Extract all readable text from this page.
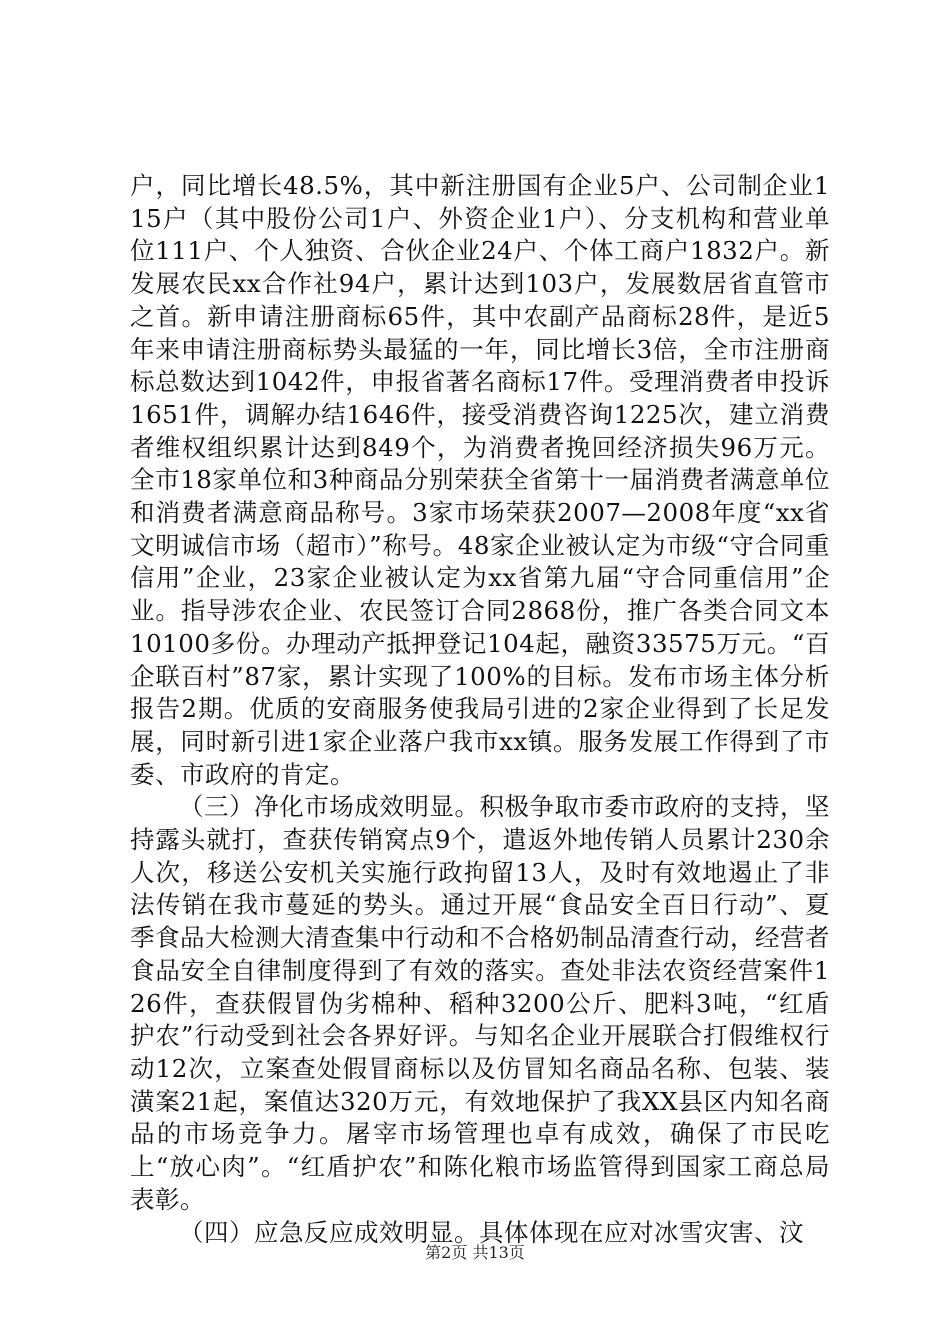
户，同比增长48.5%，其中新注册国有企业5户、公司制企业115户（其中股份公司1户、外资企业1户）、分支机构和营业单位111户、个人独资、合伙企业24户、个体工商户1832户。新发展农民xx合作社94户，累计达到103户，发展数居省直管市之首。新申请注册商标65件，其中农副产品商标28件，是近5年来申请注册商标势头最猛的一年，同比增长3倍，全市注册商标总数达到1042件，申报省著名商标17件。受理消费者申投诉1651件，调解办结1646件，接受消费咨询1225次，建立消费者维权组织累计达到849个，为消费者挽回经济损失96万元。全市18家单位和3种商品分别荣获全省第十一届消费者满意单位和消费者满意商品称号。3家市场荣获2007—2008年度“xx省文明诚信市场（超市）”称号。48家企业被认定为市级“守合同重信用”企业，23家企业被认定为xx省第九届“守合同重信用”企业。指导涉农企业、农民签订合同2868份，推广各类合同文本10100多份。办理动产抵押登记104起，融资33575万元。“百企联百村”87家，累计实现了100%的目标。发布市场主体分析报告2期。优质的安商服务使我局引进的2家企业得到了长足发展，同时新引进1家企业落户我市xx镇。服务发展工作得到了市委、市政府的肯定。

（三）净化市场成效明显。积极争取市委市政府的支持，坚持露头就打，查获传销窝点9个，遣返外地传销人员累计230余人次，移送公安机关实施行政拘留13人，及时有效地遏止了非法传销在我市蔓延的势头。通过开展“食品安全百日行动”、夏季食品大检测大清查集中行动和不合格奶制品清查行动，经营者食品安全自律制度得到了有效的落实。查处非法农资经营案件126件，查获假冒伪劣棉种、稻种3200公斤、肥料3吨，“红盾护农”行动受到社会各界好评。与知名企业开展联合打假维权行动12次，立案查处假冒商标以及仿冒知名商品名称、包装、装潢案21起，案值达320万元，有效地保护了我XX县区内知名商品的市场竞争力。屠宰市场管理也卓有成效，确保了市民吃上“放心肉”。“红盾护农”和陈化粮市场监管得到国家工商总局表彰。

（四）应急反应成效明显。具体体现在应对冰雪灾害、汶

第2页 共13页
